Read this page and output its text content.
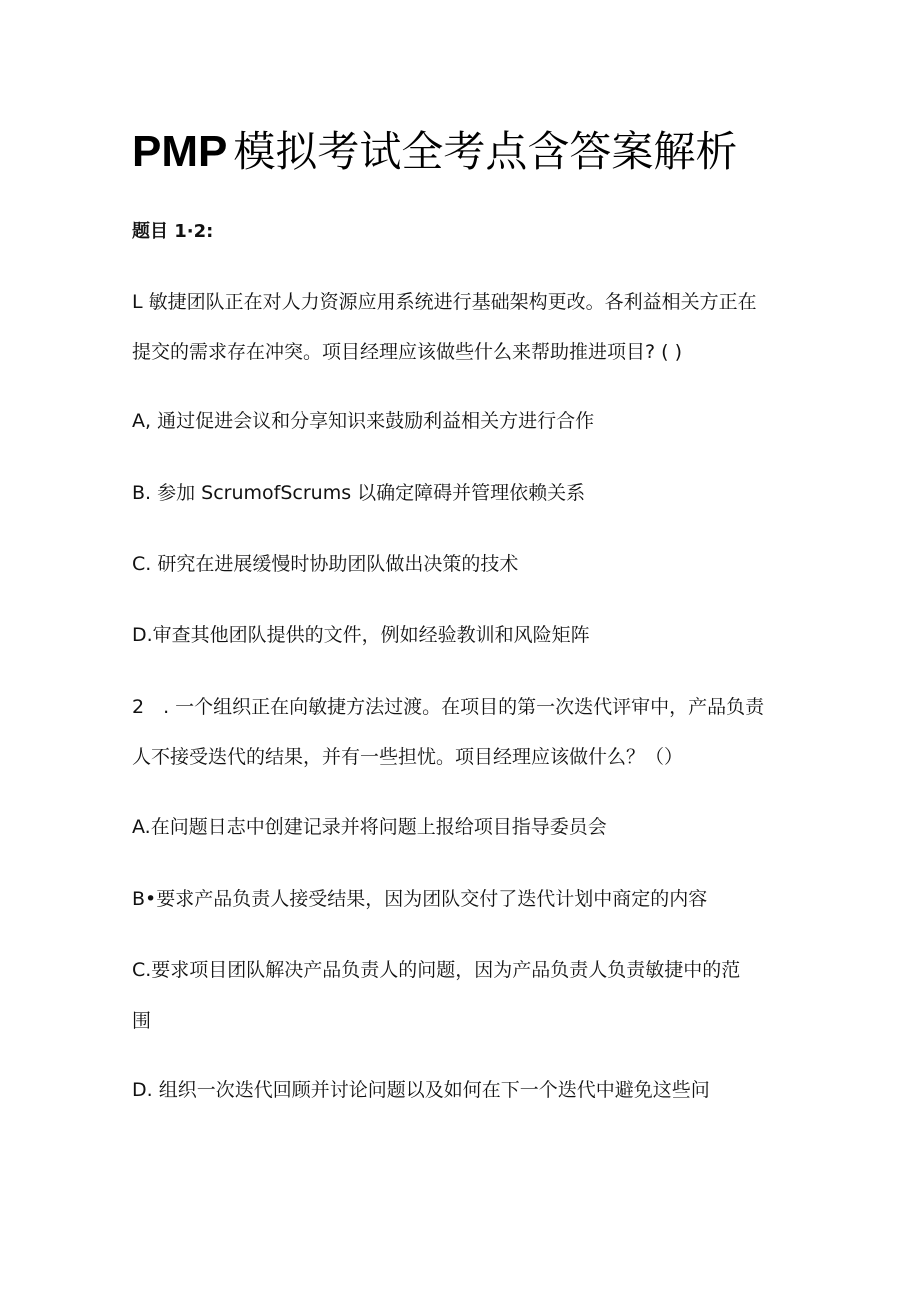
PMP 模拟考试全考点含答案解析
题目 1·2:
L 敏捷团队正在对人力资源应用系统进行基础架构更改。各利益相关方正在
提交的需求存在冲突。项目经理应该做些什么来帮助推进项目? ( )
A, 通过促进会议和分享知识来鼓励利益相关方进行合作
B. 参加 ScrumofScrums 以确定障碍并管理依赖关系
C. 研究在进展缓慢时协助团队做出决策的技术
D.审查其他团队提供的文件，例如经验教训和风险矩阵
2　. 一个组织正在向敏捷方法过渡。在项目的第一次迭代评审中，产品负责
人不接受迭代的结果，并有一些担忧。项目经理应该做什么？（）
A.在问题日志中创建记录并将问题上报给项目指导委员会
B•要求产品负责人接受结果，因为团队交付了迭代计划中商定的内容
C.要求项目团队解决产品负责人的问题，因为产品负责人负责敏捷中的范
围
D. 组织一次迭代回顾并讨论问题以及如何在下一个迭代中避免这些问
